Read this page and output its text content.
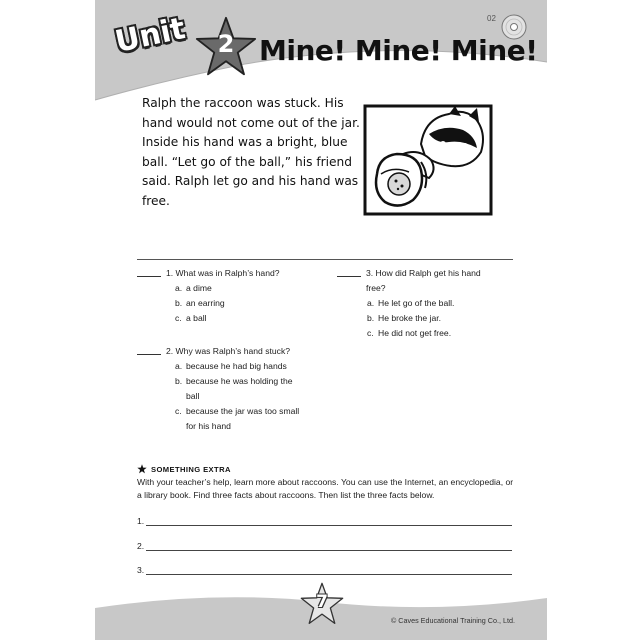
02
Unit	2 Mine! Mine! Mine!

Ralph the raccoon was stuck. His hand would not come out of the jar. Inside his hand was a bright, blue ball. “Let go of the ball,” his friend said. Ralph let go and his hand was free.

1. What was in Ralph’s hand?
a. a dime
b. an earring
c. a ball
2. Why was Ralph’s hand stuck?
a. because he had big hands
b. because he was holding the ball
c. because the jar was too small for his hand
3. How did Ralph get his hand free?
a. He let go of the ball.
b. He broke the jar.
c. He did not get free.
SOMETHING EXTRA

With your teacher’s help, learn more about raccoons. You can use the Internet, an encyclopedia, or a library book. Find three facts about raccoons. Then list the three facts below.

1.
2.
3.
7
© Caves Educational Training Co., Ltd.
